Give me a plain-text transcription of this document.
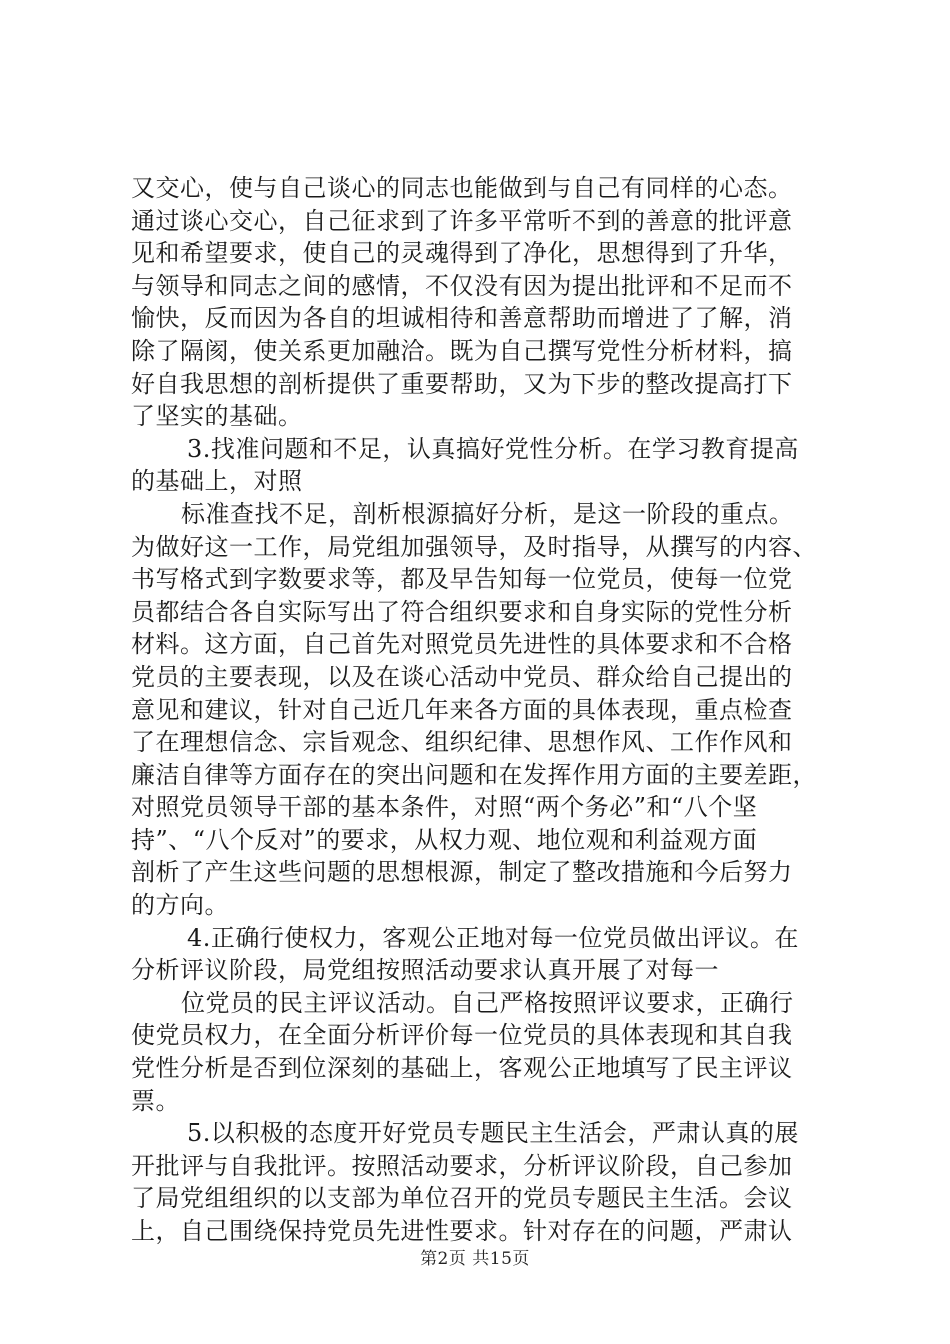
又交心，使与自己谈心的同志也能做到与自己有同样的心态。
通过谈心交心，自己征求到了许多平常听不到的善意的批评意
见和希望要求，使自己的灵魂得到了净化，思想得到了升华，
与领导和同志之间的感情，不仅没有因为提出批评和不足而不
愉快，反而因为各自的坦诚相待和善意帮助而增进了了解，消
除了隔阂，使关系更加融洽。既为自己撰写党性分析材料，搞
好自我思想的剖析提供了重要帮助，又为下步的整改提高打下
了坚实的基础。
3.找准问题和不足，认真搞好党性分析。在学习教育提高
的基础上，对照
标准查找不足，剖析根源搞好分析，是这一阶段的重点。
为做好这一工作，局党组加强领导，及时指导，从撰写的内容、
书写格式到字数要求等，都及早告知每一位党员，使每一位党
员都结合各自实际写出了符合组织要求和自身实际的党性分析
材料。这方面，自己首先对照党员先进性的具体要求和不合格
党员的主要表现，以及在谈心活动中党员、群众给自己提出的
意见和建议，针对自己近几年来各方面的具体表现，重点检查
了在理想信念、宗旨观念、组织纪律、思想作风、工作作风和
廉洁自律等方面存在的突出问题和在发挥作用方面的主要差距，
对照党员领导干部的基本条件，对照“两个务必”和“八个坚
持”、“八个反对”的要求，从权力观、地位观和利益观方面
剖析了产生这些问题的思想根源，制定了整改措施和今后努力
的方向。
4.正确行使权力，客观公正地对每一位党员做出评议。在
分析评议阶段，局党组按照活动要求认真开展了对每一
位党员的民主评议活动。自己严格按照评议要求，正确行
使党员权力，在全面分析评价每一位党员的具体表现和其自我
党性分析是否到位深刻的基础上，客观公正地填写了民主评议
票。
5.以积极的态度开好党员专题民主生活会，严肃认真的展
开批评与自我批评。按照活动要求，分析评议阶段，自己参加
了局党组组织的以支部为单位召开的党员专题民主生活。会议
上，自己围绕保持党员先进性要求。针对存在的问题，严肃认
第2页 共15页
